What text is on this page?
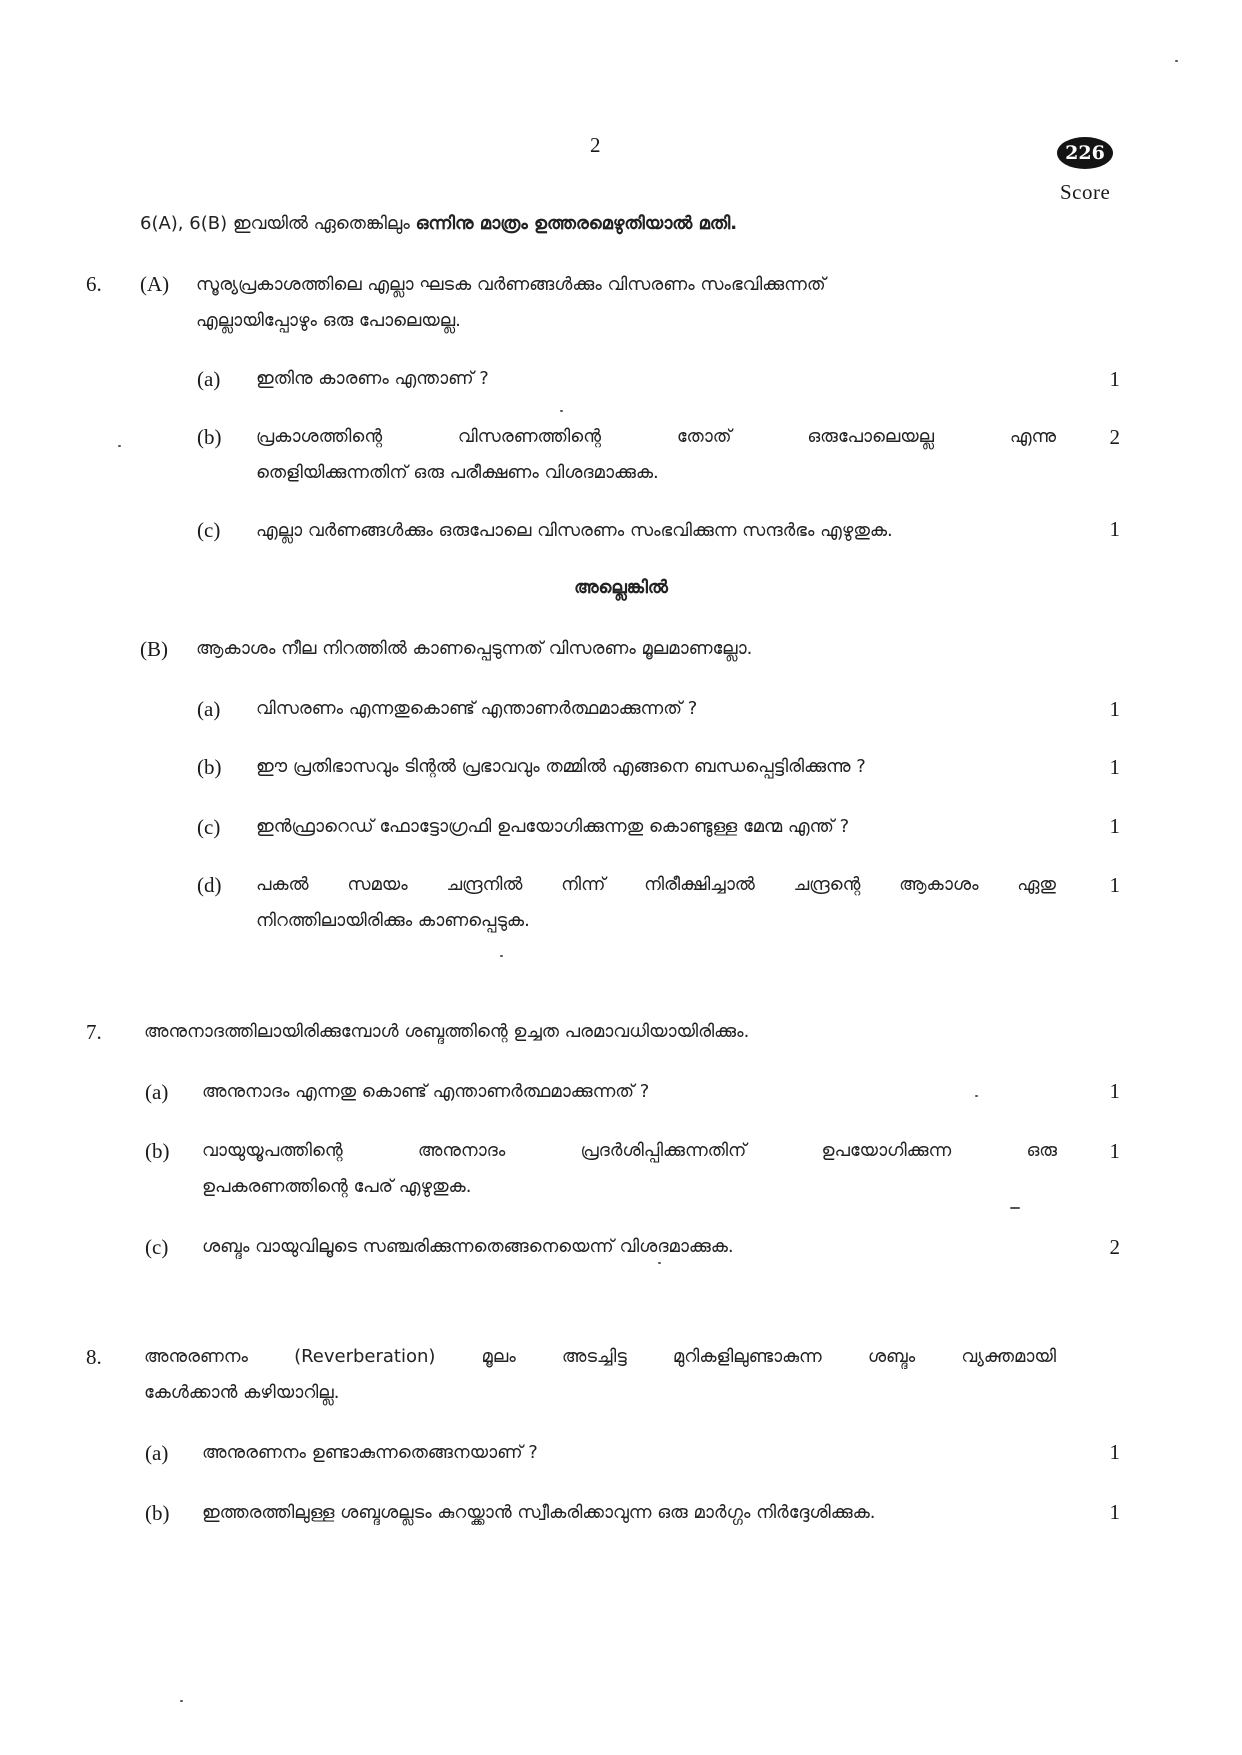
2	226
Score
6(A), 6(B) ഇവയിൽ ഏതെങ്കിലും ഒന്നിനു മാത്രം ഉത്തരമെഴുതിയാൽ മതി.
6. (A) സൂര്യപ്രകാശത്തിലെ എല്ലാ ഘടക വർണങ്ങൾക്കും വിസരണം സംഭവിക്കുന്നത്
എല്ലായിപ്പോഴും ഒരു പോലെയല്ല.
(a) ഇതിനു കാരണം എന്താണ് ?	1
(b) പ്രകാശത്തിന്റെ വിസരണത്തിന്റെ തോത് ഒരുപോലെയല്ല എന്നു
തെളിയിക്കുന്നതിന് ഒരു പരീക്ഷണം വിശദമാക്കുക.
2
(c) എല്ലാ വർണങ്ങൾക്കും ഒരുപോലെ വിസരണം സംഭവിക്കുന്ന സന്ദർഭം എഴുതുക.	1
അല്ലെങ്കിൽ
(B) ആകാശം നീല നിറത്തിൽ കാണപ്പെടുന്നത് വിസരണം മൂലമാണല്ലോ.
(a) വിസരണം എന്നതുകൊണ്ട് എന്താണർത്ഥമാക്കുന്നത് ?	1
(b) ഈ പ്രതിഭാസവും ടിന്റൽ പ്രഭാവവും തമ്മിൽ എങ്ങനെ ബന്ധപ്പെട്ടിരിക്കുന്നു ?	1
(c) ഇൻഫ്രാറെഡ് ഫോട്ടോഗ്രഫി ഉപയോഗിക്കുന്നതു കൊണ്ടുള്ള മേന്മ എന്ത് ?	1
(d) പകൽ സമയം ചന്ദ്രനിൽ നിന്ന് നിരീക്ഷിച്ചാൽ ചന്ദ്രന്റെ ആകാശം ഏതു
നിറത്തിലായിരിക്കും കാണപ്പെടുക.
1
7. അനുനാദത്തിലായിരിക്കുമ്പോൾ ശബ്ദത്തിന്റെ ഉച്ചത പരമാവധിയായിരിക്കും.
(a) അനുനാദം എന്നതു കൊണ്ട് എന്താണർത്ഥമാക്കുന്നത് ?	1
(b) വായുയൂപത്തിന്റെ അനുനാദം പ്രദർശിപ്പിക്കുന്നതിന് ഉപയോഗിക്കുന്ന ഒരു
ഉപകരണത്തിന്റെ പേര് എഴുതുക.
1
(c) ശബ്ദം വായുവിലൂടെ സഞ്ചരിക്കുന്നതെങ്ങനെയെന്ന് വിശദമാക്കുക.	2
8. അനുരണനം (Reverberation) മൂലം അടച്ചിട്ട മുറികളിലുണ്ടാകുന്ന ശബ്ദം വ്യക്തമായി
കേൾക്കാൻ കഴിയാറില്ല.
(a) അനുരണനം ഉണ്ടാകുന്നതെങ്ങനയാണ് ?	1
(b) ഇത്തരത്തിലുള്ള ശബ്ദശല്ലടം കുറയ്ക്കാൻ സ്വീകരിക്കാവുന്ന ഒരു മാർഗ്ഗം നിർദ്ദേശിക്കുക.	1
